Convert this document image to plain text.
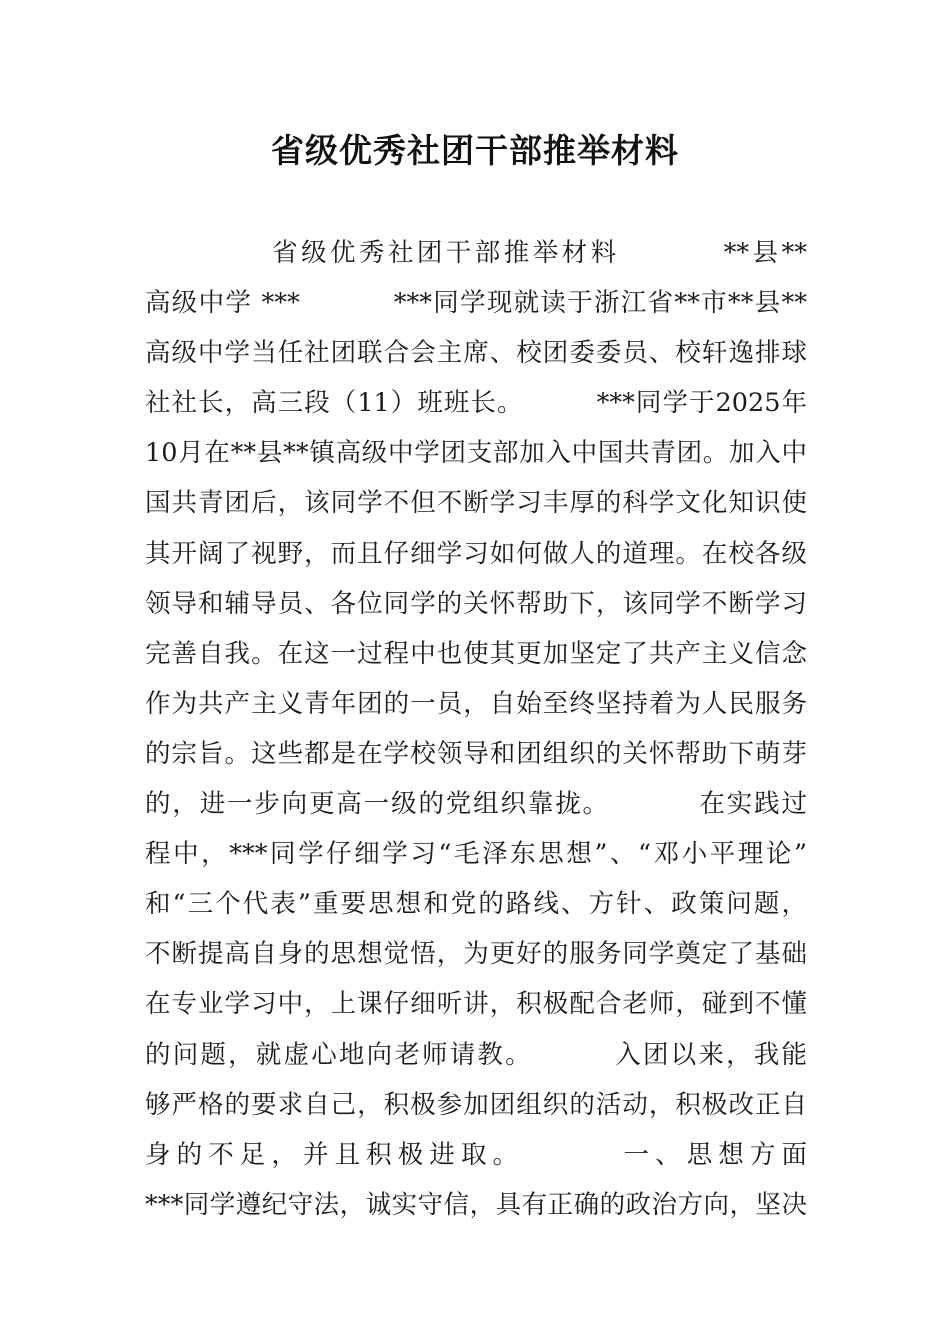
省级优秀社团干部推举材料
省级优秀社团干部推举材料         **县**
高级中学 ***          ***同学现就读于浙江省**市**县**
高级中学当任社团联合会主席、校团委委员、校轩逸排球
社社长，高三段（11）班班长。        ***同学于2025年
10月在**县**镇高级中学团支部加入中国共青团。加入中
国共青团后，该同学不但不断学习丰厚的科学文化知识使
其开阔了视野，而且仔细学习如何做人的道理。在校各级
领导和辅导员、各位同学的关怀帮助下，该同学不断学习
完善自我。在这一过程中也使其更加坚定了共产主义信念
作为共产主义青年团的一员，自始至终坚持着为人民服务
的宗旨。这些都是在学校领导和团组织的关怀帮助下萌芽
的，进一步向更高一级的党组织靠拢。         在实践过
程中，***同学仔细学习“毛泽东思想”、“邓小平理论”
和“三个代表”重要思想和党的路线、方针、政策问题，
不断提高自身的思想觉悟，为更好的服务同学奠定了基础
在专业学习中，上课仔细听讲，积极配合老师，碰到不懂
的问题，就虚心地向老师请教。        入团以来，我能
够严格的要求自己，积极参加团组织的活动，积极改正自
身的不足，并且积极进取。       一、思想方面
***同学遵纪守法，诚实守信，具有正确的政治方向，坚决
